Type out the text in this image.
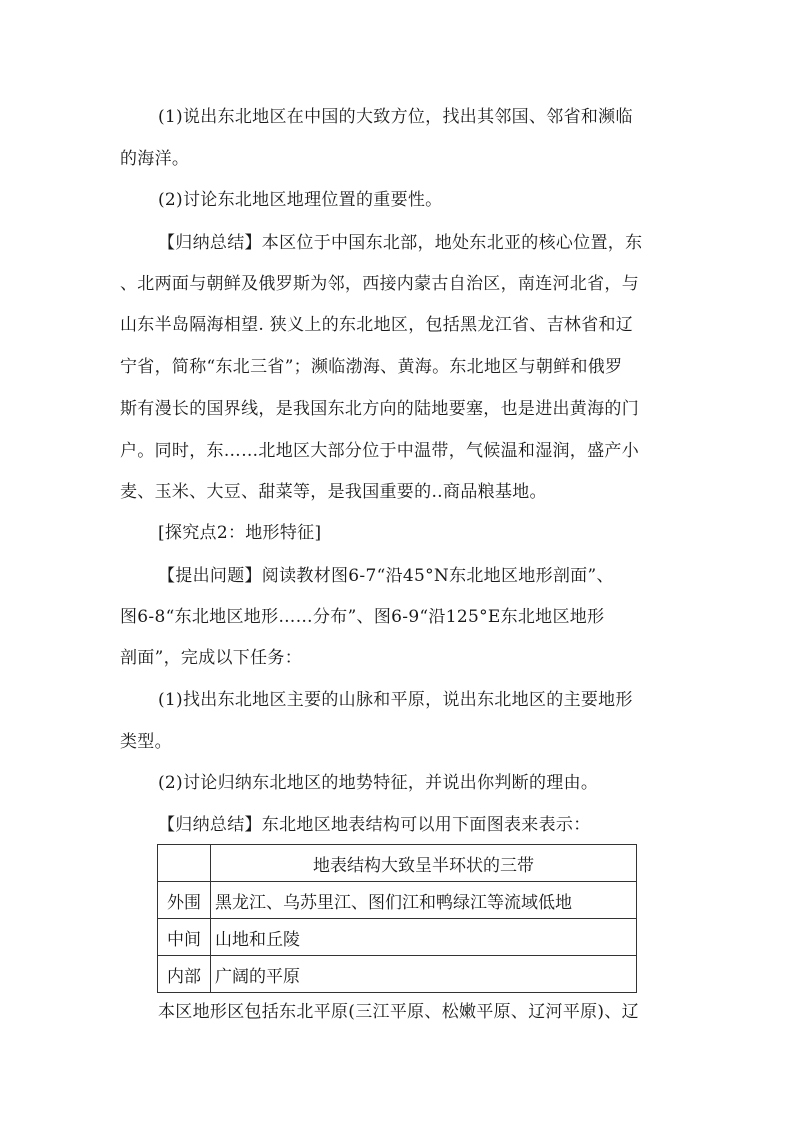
(1)说出东北地区在中国的大致方位，找出其邻国、邻省和濒临
的海洋。
(2)讨论东北地区地理位置的重要性。
【归纳总结】本区位于中国东北部，地处东北亚的核心位置，东
、北两面与朝鲜及俄罗斯为邻，西接内蒙古自治区，南连河北省，与
山东半岛隔海相望. 狭义上的东北地区，包括黑龙江省、吉林省和辽
宁省，简称“东北三省”；濒临渤海、黄海。东北地区与朝鲜和俄罗
斯有漫长的国界线，是我国东北方向的陆地要塞，也是进出黄海的门
户。同时，东……北地区大部分位于中温带，气候温和湿润，盛产小
麦、玉米、大豆、甜菜等，是我国重要的‥商品粮基地。
[探究点2：地形特征]
【提出问题】阅读教材图6-7“沿45°N东北地区地形剖面”、
图6-8“东北地区地形……分布”、图6-9“沿125°E东北地区地形
剖面”，完成以下任务：
(1)找出东北地区主要的山脉和平原，说出东北地区的主要地形
类型。
(2)讨论归纳东北地区的地势特征，并说出你判断的理由。
【归纳总结】东北地区地表结构可以用下面图表来表示：
	地表结构大致呈半环状的三带
外围	黑龙江、乌苏里江、图们江和鸭绿江等流域低地
中间	山地和丘陵
内部	广阔的平原
本区地形区包括东北平原(三江平原、松嫩平原、辽河平原)、辽
